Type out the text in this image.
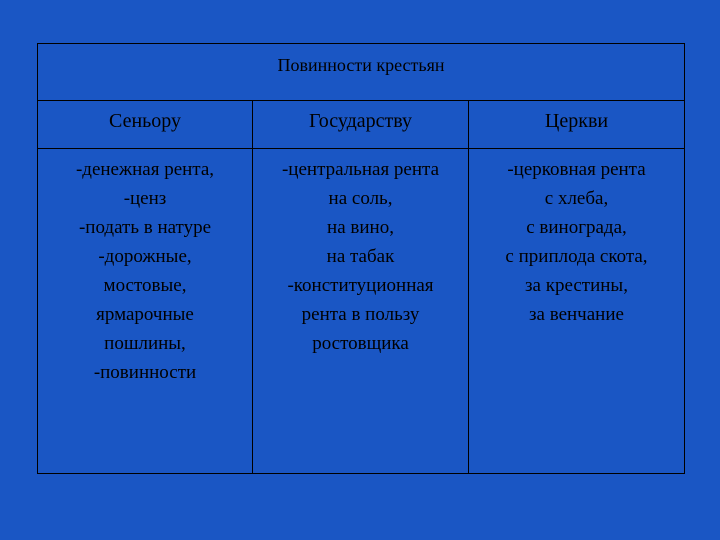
Повинности крестьян
Сеньору	Государству	Церкви
-денежная рента,
-ценз
-подать в натуре
-дорожные,
мостовые,
ярмарочные
пошлины,
-повинности
-центральная рента
на соль,
на вино,
на табак
-конституционная
рента в пользу
ростовщика
-церковная рента
с хлеба,
с винограда,
с приплода скота,
за крестины,
за венчание
